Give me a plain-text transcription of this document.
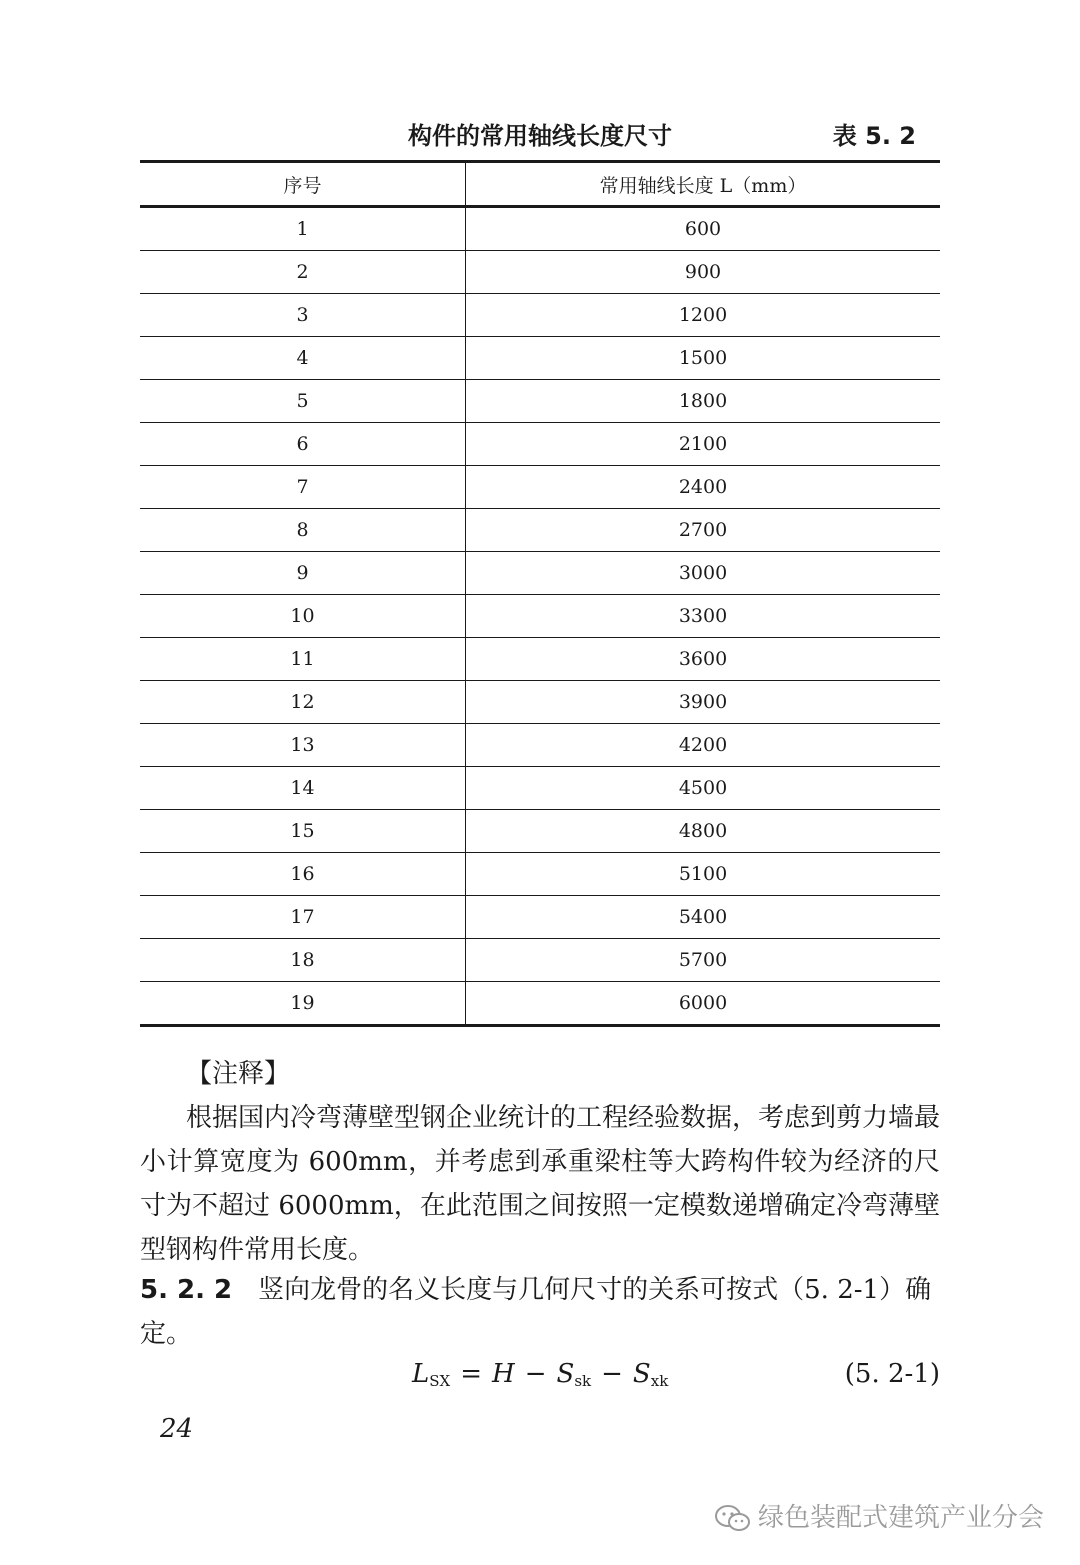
构件的常用轴线长度尺寸	表 5. 2
序号	常用轴线长度 L（mm）
1	600
2	900
3	1200
4	1500
5	1800
6	2100
7	2400
8	2700
9	3000
10	3300
11	3600
12	3900
13	4200
14	4500
15	4800
16	5100
17	5400
18	5700
19	6000
【注释】

根据国内冷弯薄壁型钢企业统计的工程经验数据，考虑到剪力墙最小计算宽度为 600mm，并考虑到承重梁柱等大跨构件较为经济的尺寸为不超过 6000mm，在此范围之间按照一定模数递增确定冷弯薄壁型钢构件常用长度。

5. 2. 2 竖向龙骨的名义长度与几何尺寸的关系可按式（5. 2-1）确定。

$L_{SX} = H - S_{sk} - S_{xk}$	(5. 2-1)
24
绿色装配式建筑产业分会
